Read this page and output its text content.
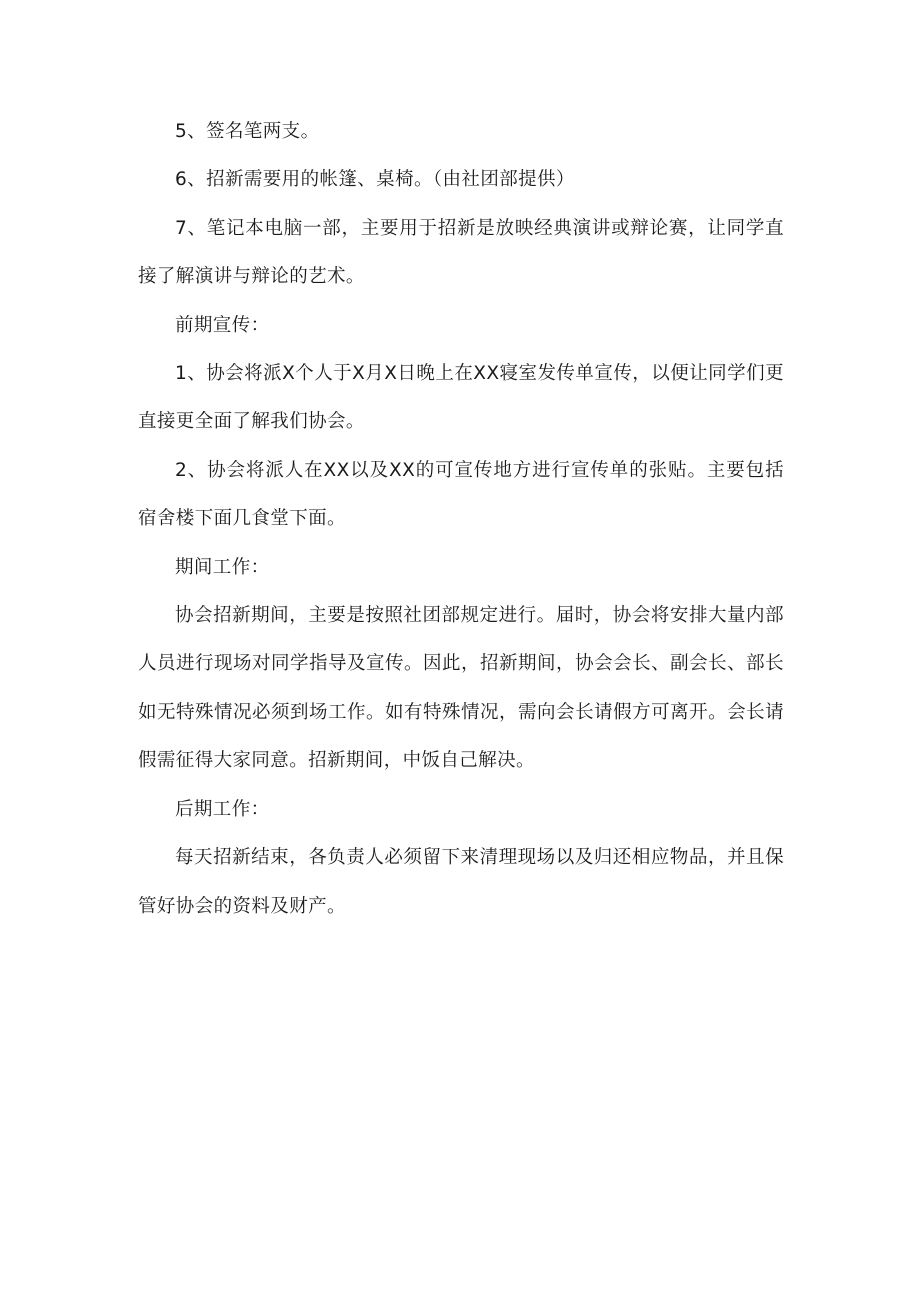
5、签名笔两支。

6、招新需要用的帐篷、桌椅。（由社团部提供）

7、笔记本电脑一部，主要用于招新是放映经典演讲或辩论赛，让同学直接了解演讲与辩论的艺术。

前期宣传：

1、协会将派X个人于X月X日晚上在XX寝室发传单宣传，以便让同学们更直接更全面了解我们协会。

2、协会将派人在XX以及XX的可宣传地方进行宣传单的张贴。主要包括宿舍楼下面几食堂下面。

期间工作：

协会招新期间，主要是按照社团部规定进行。届时，协会将安排大量内部人员进行现场对同学指导及宣传。因此，招新期间，协会会长、副会长、部长如无特殊情况必须到场工作。如有特殊情况，需向会长请假方可离开。会长请假需征得大家同意。招新期间，中饭自己解决。

后期工作：

每天招新结束，各负责人必须留下来清理现场以及归还相应物品，并且保管好协会的资料及财产。
